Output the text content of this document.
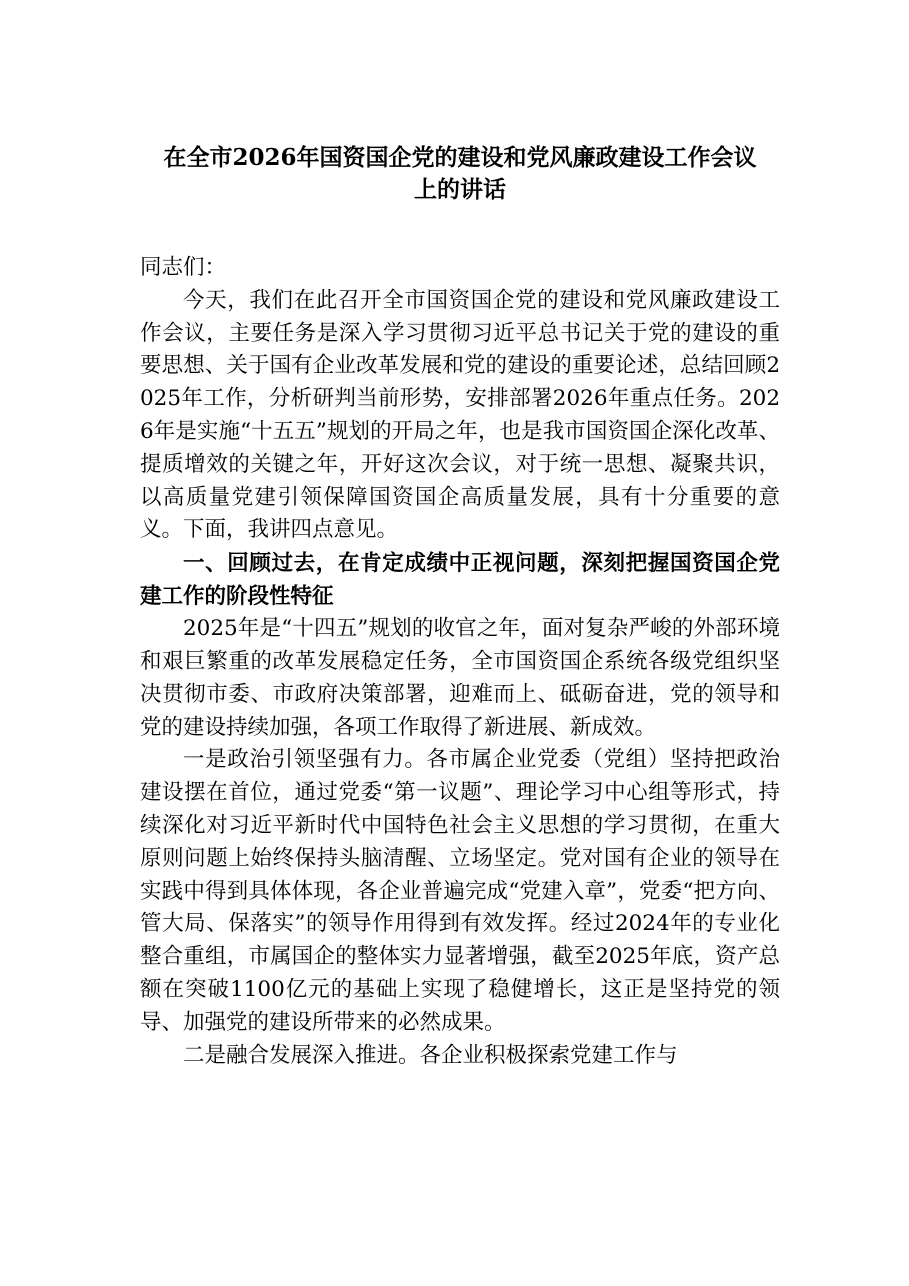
在全市2026年国资国企党的建设和党风廉政建设工作会议
上的讲话

同志们：

今天，我们在此召开全市国资国企党的建设和党风廉政建设工作会议，主要任务是深入学习贯彻习近平总书记关于党的建设的重要思想、关于国有企业改革发展和党的建设的重要论述，总结回顾2025年工作，分析研判当前形势，安排部署2026年重点任务。2026年是实施“十五五”规划的开局之年，也是我市国资国企深化改革、提质增效的关键之年，开好这次会议，对于统一思想、凝聚共识，以高质量党建引领保障国资国企高质量发展，具有十分重要的意义。下面，我讲四点意见。

一、回顾过去，在肯定成绩中正视问题，深刻把握国资国企党建工作的阶段性特征

2025年是“十四五”规划的收官之年，面对复杂严峻的外部环境和艰巨繁重的改革发展稳定任务，全市国资国企系统各级党组织坚决贯彻市委、市政府决策部署，迎难而上、砥砺奋进，党的领导和党的建设持续加强，各项工作取得了新进展、新成效。

一是政治引领坚强有力。各市属企业党委（党组）坚持把政治建设摆在首位，通过党委“第一议题”、理论学习中心组等形式，持续深化对习近平新时代中国特色社会主义思想的学习贯彻，在重大原则问题上始终保持头脑清醒、立场坚定。党对国有企业的领导在实践中得到具体体现，各企业普遍完成“党建入章”，党委“把方向、管大局、保落实”的领导作用得到有效发挥。经过2024年的专业化整合重组，市属国企的整体实力显著增强，截至2025年底，资产总额在突破1100亿元的基础上实现了稳健增长，这正是坚持党的领导、加强党的建设所带来的必然成果。

二是融合发展深入推进。各企业积极探索党建工作与
